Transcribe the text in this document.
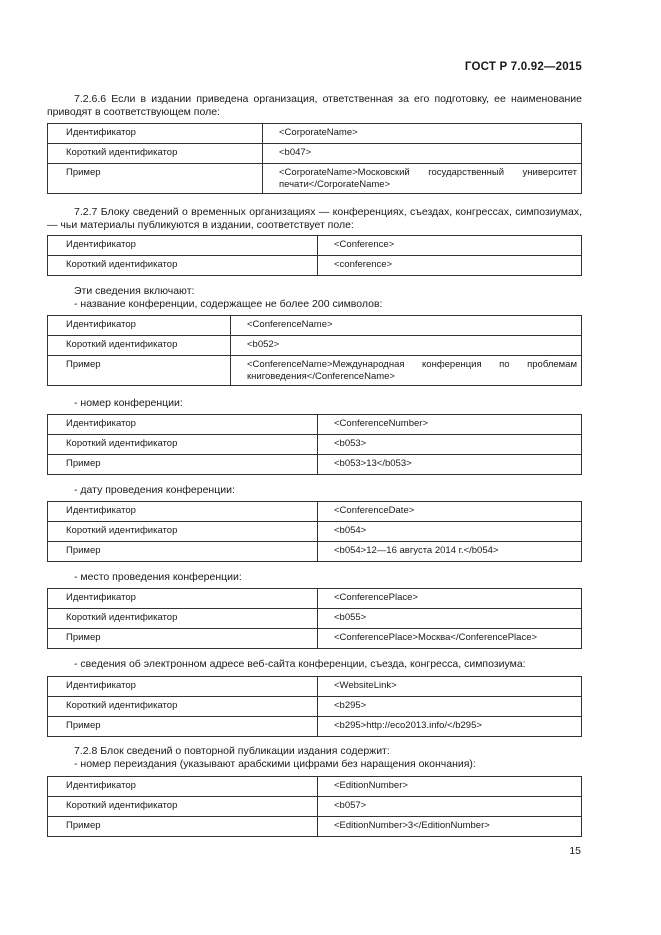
ГОСТ Р 7.0.92—2015
7.2.6.6 Если в издании приведена организация, ответственная за его подготовку, ее наименование приводят в соответствующем поле:
Идентификатор	<CorporateName>
Короткий идентификатор	<b047>
Пример	<CorporateName>Московский государственный университет печати</CorporateName>
7.2.7 Блоку сведений о временных организациях — конференциях, съездах, конгрессах, симпозиумах, — чьи материалы публикуются в издании, соответствует поле:
Идентификатор	<Conference>
Короткий идентификатор	<conference>
Эти сведения включают:
- название конференции, содержащее не более 200 символов:
Идентификатор	<ConferenceName>
Короткий идентификатор	<b052>
Пример	<ConferenceName>Международная конференция по проблемам книговедения</ConferenceName>
- номер конференции:
Идентификатор	<ConferenceNumber>
Короткий идентификатор	<b053>
Пример	<b053>13</b053>
- дату проведения конференции:
Идентификатор	<ConferenceDate>
Короткий идентификатор	<b054>
Пример	<b054>12—16 августа 2014 г.</b054>
- место проведения конференции:
Идентификатор	<ConferencePlace>
Короткий идентификатор	<b055>
Пример	<ConferencePlace>Москва</ConferencePlace>
- сведения об электронном адресе веб-сайта конференции, съезда, конгресса, симпозиума:
Идентификатор	<WebsiteLink>
Короткий идентификатор	<b295>
Пример	<b295>http://eco2013.info/</b295>
7.2.8 Блок сведений о повторной публикации издания содержит:
- номер переиздания (указывают арабскими цифрами без наращения окончания):
Идентификатор	<EditionNumber>
Короткий идентификатор	<b057>
Пример	<EditionNumber>3</EditionNumber>
15
